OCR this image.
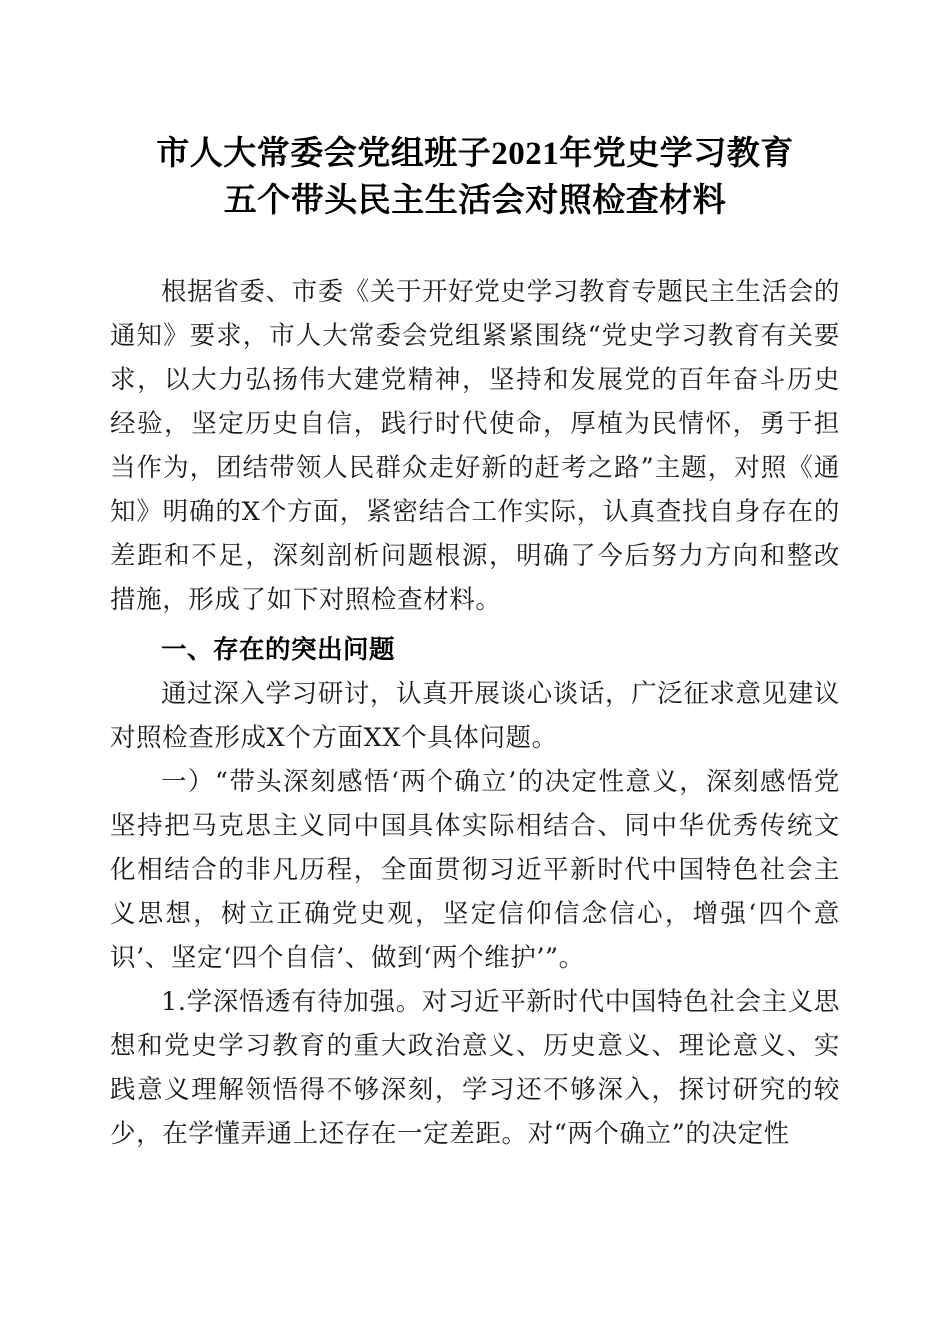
市人大常委会党组班子2021年党史学习教育
五个带头民主生活会对照检查材料

根据省委、市委《关于开好党史学习教育专题民主生活会的通知》要求，市人大常委会党组紧紧围绕“党史学习教育有关要求，以大力弘扬伟大建党精神，坚持和发展党的百年奋斗历史经验，坚定历史自信，践行时代使命，厚植为民情怀，勇于担当作为，团结带领人民群众走好新的赶考之路”主题，对照《通知》明确的X个方面，紧密结合工作实际，认真查找自身存在的差距和不足，深刻剖析问题根源，明确了今后努力方向和整改措施，形成了如下对照检查材料。

一、存在的突出问题

通过深入学习研讨，认真开展谈心谈话，广泛征求意见建议对照检查形成X个方面XX个具体问题。

一）“带头深刻感悟‘两个确立’的决定性意义，深刻感悟党坚持把马克思主义同中国具体实际相结合、同中华优秀传统文化相结合的非凡历程，全面贯彻习近平新时代中国特色社会主义思想，树立正确党史观，坚定信仰信念信心，增强‘四个意识’、坚定‘四个自信’、做到‘两个维护’”。

1.学深悟透有待加强。对习近平新时代中国特色社会主义思想和党史学习教育的重大政治意义、历史意义、理论意义、实践意义理解领悟得不够深刻，学习还不够深入，探讨研究的较少，在学懂弄通上还存在一定差距。对“两个确立”的决定性
